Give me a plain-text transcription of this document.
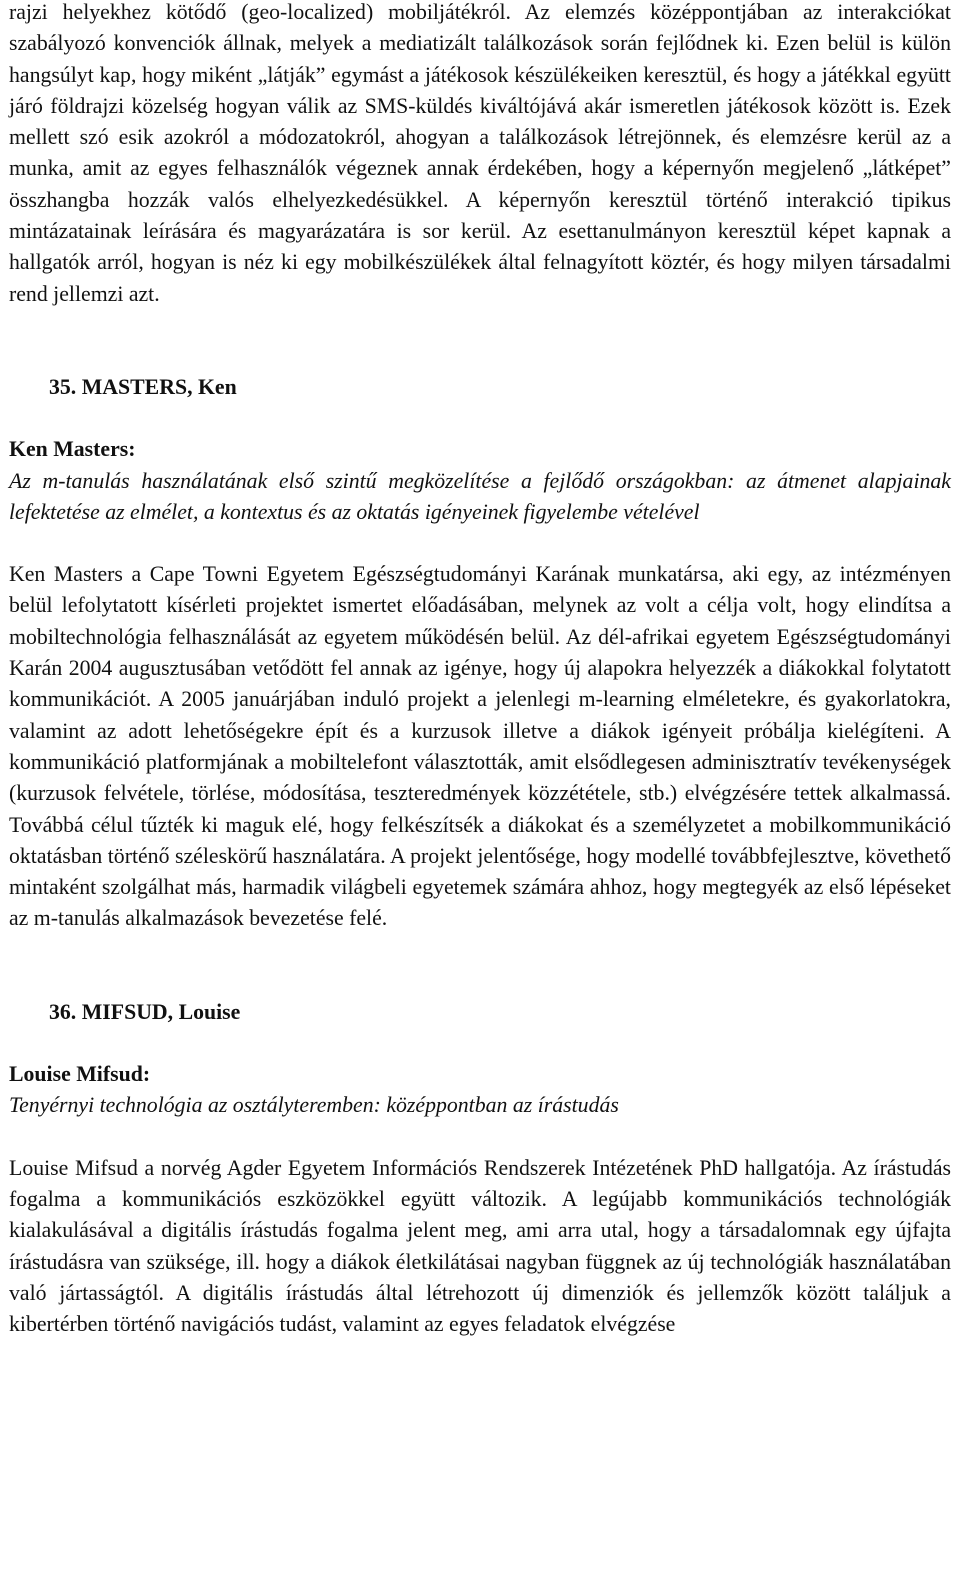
rajzi helyekhez kötődő (geo-localized) mobiljátékról. Az elemzés középpontjában az interakciókat szabályozó konvenciók állnak, melyek a mediatizált találkozások során fejlődnek ki. Ezen belül is külön hangsúlyt kap, hogy miként „látják” egymást a játékosok készülékeiken keresztül, és hogy a játékkal együtt járó földrajzi közelség hogyan válik az SMS-küldés kiváltójává akár ismeretlen játékosok között is. Ezek mellett szó esik azokról a módozatokról, ahogyan a találkozások létrejönnek, és elemzésre kerül az a munka, amit az egyes felhasználók végeznek annak érdekében, hogy a képernyőn megjelenő „látképet” összhangba hozzák valós elhelyezkedésükkel. A képernyőn keresztül történő interakció tipikus mintázatainak leírására és magyarázatára is sor kerül. Az esettanulmányon keresztül képet kapnak a hallgatók arról, hogyan is néz ki egy mobilkészülékek által felnagyított köztér, és hogy milyen társadalmi rend jellemzi azt.

35. MASTERS, Ken

Ken Masters:

Az m-tanulás használatának első szintű megközelítése a fejlődő országokban: az átmenet alapjainak lefektetése az elmélet, a kontextus és az oktatás igényeinek figyelembe vételével

Ken Masters a Cape Towni Egyetem Egészségtudományi Karának munkatársa, aki egy, az intézményen belül lefolytatott kísérleti projektet ismertet előadásában, melynek az volt a célja volt, hogy elindítsa a mobiltechnológia felhasználását az egyetem működésén belül. Az dél-afrikai egyetem Egészségtudományi Karán 2004 augusztusában vetődött fel annak az igénye, hogy új alapokra helyezzék a diákokkal folytatott kommunikációt. A 2005 januárjában induló projekt a jelenlegi m-learning elméletekre, és gyakorlatokra, valamint az adott lehetőségekre épít és a kurzusok illetve a diákok igényeit próbálja kielégíteni. A kommunikáció platformjának a mobiltelefont választották, amit elsődlegesen adminisztratív tevékenységek (kurzusok felvétele, törlése, módosítása, teszteredmények közzététele, stb.) elvégzésére tettek alkalmassá. Továbbá célul tűzték ki maguk elé, hogy felkészítsék a diákokat és a személyzetet a mobilkommunikáció oktatásban történő széleskörű használatára. A projekt jelentősége, hogy modellé továbbfejlesztve, követhető mintaként szolgálhat más, harmadik világbeli egyetemek számára ahhoz, hogy megtegyék az első lépéseket az m-tanulás alkalmazások bevezetése felé.

36. MIFSUD, Louise

Louise Mifsud:

Tenyérnyi technológia az osztályteremben: középpontban az írástudás

Louise Mifsud a norvég Agder Egyetem Információs Rendszerek Intézetének PhD hallgatója. Az írástudás fogalma a kommunikációs eszközökkel együtt változik. A legújabb kommunikációs technológiák kialakulásával a digitális írástudás fogalma jelent meg, ami arra utal, hogy a társadalomnak egy újfajta írástudásra van szüksége, ill. hogy a diákok életkilátásai nagyban függnek az új technológiák használatában való jártasságtól. A digitális írástudás által létrehozott új dimenziók és jellemzők között találjuk a kibertérben történő navigációs tudást, valamint az egyes feladatok elvégzése
